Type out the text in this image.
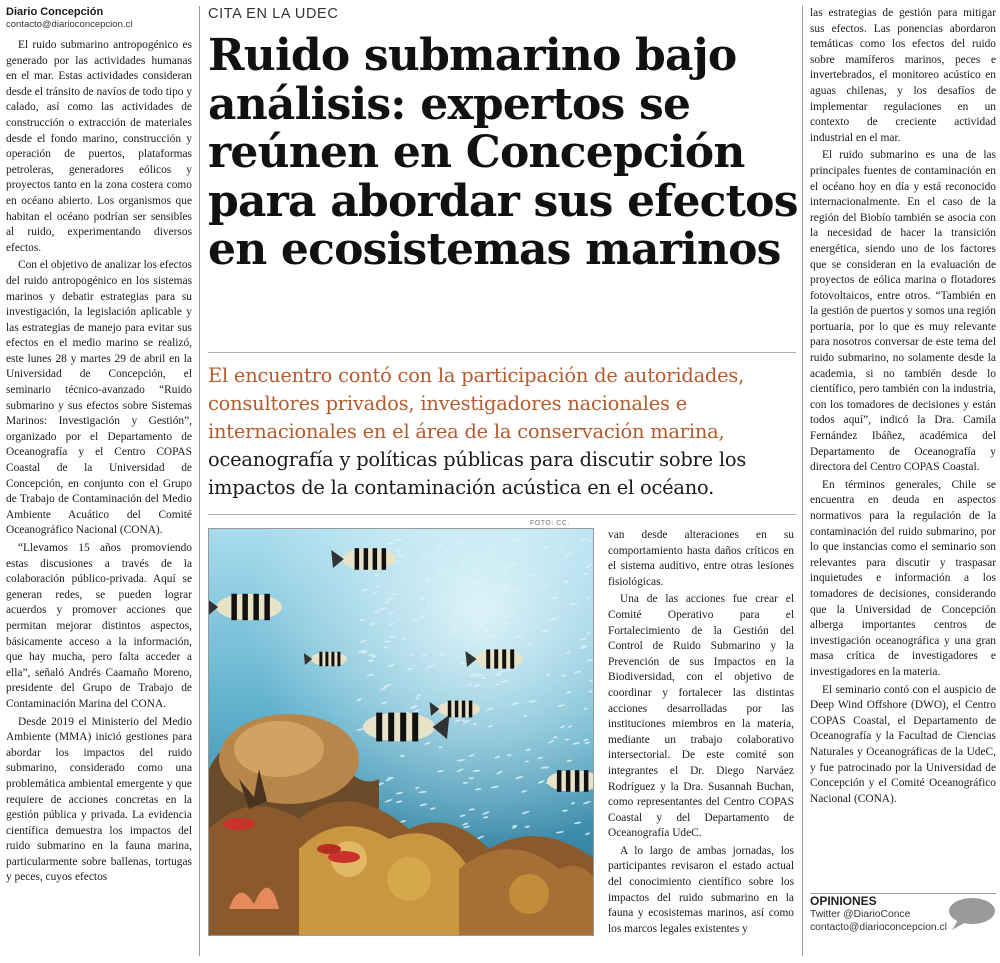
Diario Concepción
contacto@diarioconcepcion.cl

El ruido submarino antropogénico es generado por las actividades humanas en el mar. Estas actividades consideran desde el tránsito de navíos de todo tipo y calado, así como las actividades de construcción o extracción de materiales desde el fondo marino, construcción y operación de puertos, plataformas petroleras, generadores eólicos y proyectos tanto en la zona costera como en océano abierto. Los organismos que habitan el océano podrían ser sensibles al ruido, experimentando diversos efectos.

Con el objetivo de analizar los efectos del ruido antropogénico en los sistemas marinos y debatir estrategias para su investigación, la legislación aplicable y las estrategias de manejo para evitar sus efectos en el medio marino se realizó, este lunes 28 y martes 29 de abril en la Universidad de Concepción, el seminario técnico-avanzado “Ruido submarino y sus efectos sobre Sistemas Marinos: Investigación y Gestión”, organizado por el Departamento de Oceanografía y el Centro COPAS Coastal de la Universidad de Concepción, en conjunto con el Grupo de Trabajo de Contaminación del Medio Ambiente Acuático del Comité Oceanográfico Nacional (CONA).

“Llevamos 15 años promoviendo estas discusiones a través de la colaboración público-privada. Aquí se generan redes, se pueden lograr acuerdos y promover acciones que permitan mejorar distintos aspectos, básicamente acceso a la información, que hay mucha, pero falta acceder a ella”, señaló Andrés Caamaño Moreno, presidente del Grupo de Trabajo de Contaminación Marina del CONA.

Desde 2019 el Ministerio del Medio Ambiente (MMA) inició gestiones para abordar los impactos del ruido submarino, considerado como una problemática ambiental emergente y que requiere de acciones concretas en la gestión pública y privada. La evidencia científica demuestra los impactos del ruido submarino en la fauna marina, particularmente sobre ballenas, tortugas y peces, cuyos efectos

CITA EN LA UDEC
Ruido submarino bajo análisis: expertos se reúnen en Concepción para abordar sus efectos en ecosistemas marinos
El encuentro contó con la participación de autoridades, consultores privados, investigadores nacionales e internacionales en el área de la conservación marina, oceanografía y políticas públicas para discutir sobre los impactos de la contaminación acústica en el océano.
FOTO: CC.

van desde alteraciones en su comportamiento hasta daños críticos en el sistema auditivo, entre otras lesiones fisiológicas.

Una de las acciones fue crear el Comité Operativo para el Fortalecimiento de la Gestión del Control de Ruido Submarino y la Prevención de sus Impactos en la Biodiversidad, con el objetivo de coordinar y fortalecer las distintas acciones desarrolladas por las instituciones miembros en la materia, mediante un trabajo colaborativo intersectorial. De este comité son integrantes el Dr. Diego Narváez Rodríguez y la Dra. Susannah Buchan, como representantes del Centro COPAS Coastal y del Departamento de Oceanografía UdeC.

A lo largo de ambas jornadas, los participantes revisaron el estado actual del conocimiento científico sobre los impactos del ruido submarino en la fauna y ecosistemas marinos, así como los marcos legales existentes y

las estrategias de gestión para mitigar sus efectos. Las ponencias abordaron temáticas como los efectos del ruido sobre mamíferos marinos, peces e invertebrados, el monitoreo acústico en aguas chilenas, y los desafíos de implementar regulaciones en un contexto de creciente actividad industrial en el mar.

El ruido submarino es una de las principales fuentes de contaminación en el océano hoy en día y está reconocido internacionalmente. En el caso de la región del Biobío también se asocia con la necesidad de hacer la transición energética, siendo uno de los factores que se consideran en la evaluación de proyectos de eólica marina o flotadores fotovoltaicos, entre otros. “También en la gestión de puertos y somos una región portuaria, por lo que es muy relevante para nosotros conversar de este tema del ruido submarino, no solamente desde la academia, si no también desde lo científico, pero también con la industria, con los tomadores de decisiones y están todos aquí”, indicó la Dra. Camila Fernández Ibáñez, académica del Departamento de Oceanografía y directora del Centro COPAS Coastal.

En términos generales, Chile se encuentra en deuda en aspectos normativos para la regulación de la contaminación del ruido submarino, por lo que instancias como el seminario son relevantes para discutir y traspasar inquietudes e información a los tomadores de decisiones, considerando que la Universidad de Concepción alberga importantes centros de investigación oceanográfica y una gran masa crítica de investigadores e investigadores en la materia.

El seminario contó con el auspicio de Deep Wind Offshore (DWO), el Centro COPAS Coastal, el Departamento de Oceanografía y la Facultad de Ciencias Naturales y Oceanográficas de la UdeC, y fue patrocinado por la Universidad de Concepción y el Comité Oceanográfico Nacional (CONA).

OPINIONES
Twitter @DiarioConce
contacto@diarioconcepcion.cl
